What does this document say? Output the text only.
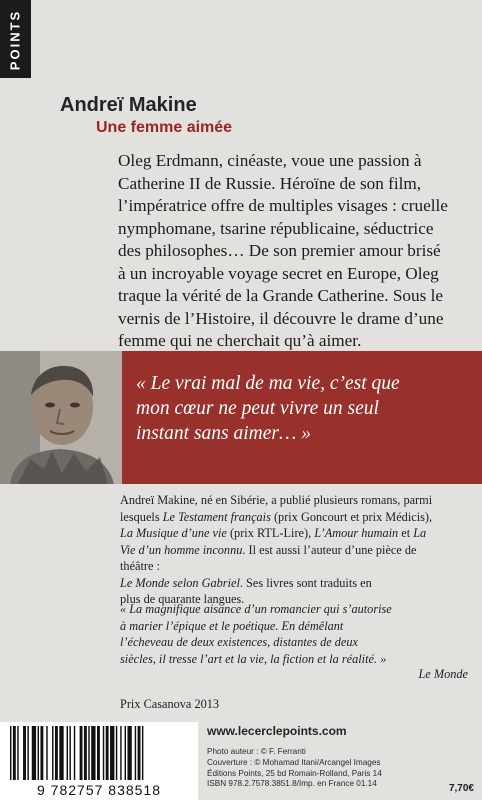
POINTS
Andreï Makine
Une femme aimée
Oleg Erdmann, cinéaste, voue une passion à
Catherine II de Russie. Héroïne de son film,
l’impératrice offre de multiples visages : cruelle
nymphomane, tsarine républicaine, séductrice
des philosophes… De son premier amour brisé
à un incroyable voyage secret en Europe, Oleg
traque la vérité de la Grande Catherine. Sous le
vernis de l’Histoire, il découvre le drame d’une
femme qui ne cherchait qu’à aimer.
« Le vrai mal de ma vie, c’est que
mon cœur ne peut vivre un seul
instant sans aimer… »
Andreï Makine, né en Sibérie, a publié plusieurs romans, parmi
lesquels Le Testament français (prix Goncourt et prix Médicis),
La Musique d’une vie (prix RTL-Lire), L’Amour humain et La
Vie d’un homme inconnu. Il est aussi l’auteur d’une pièce de
théâtre :
Le Monde selon Gabriel. Ses livres sont traduits en
plus de quarante langues.
« La magnifique aisance d’un romancier qui s’autorise
à marier l’épique et le poétique. En démêlant
l’écheveau de deux existences, distantes de deux
siècles, il tresse l’art et la vie, la fiction et la réalité. »
Le Monde
Prix Casanova 2013
9 782757 838518
www.lecerclepoints.com
Photo auteur : © F. Ferranti
Couverture : © Mohamad Itani/Arcangel Images
Éditions Points, 25 bd Romain-Rolland, Paris 14
ISBN 978.2.7578.3851.8/Imp. en France 01.14	7,70€
